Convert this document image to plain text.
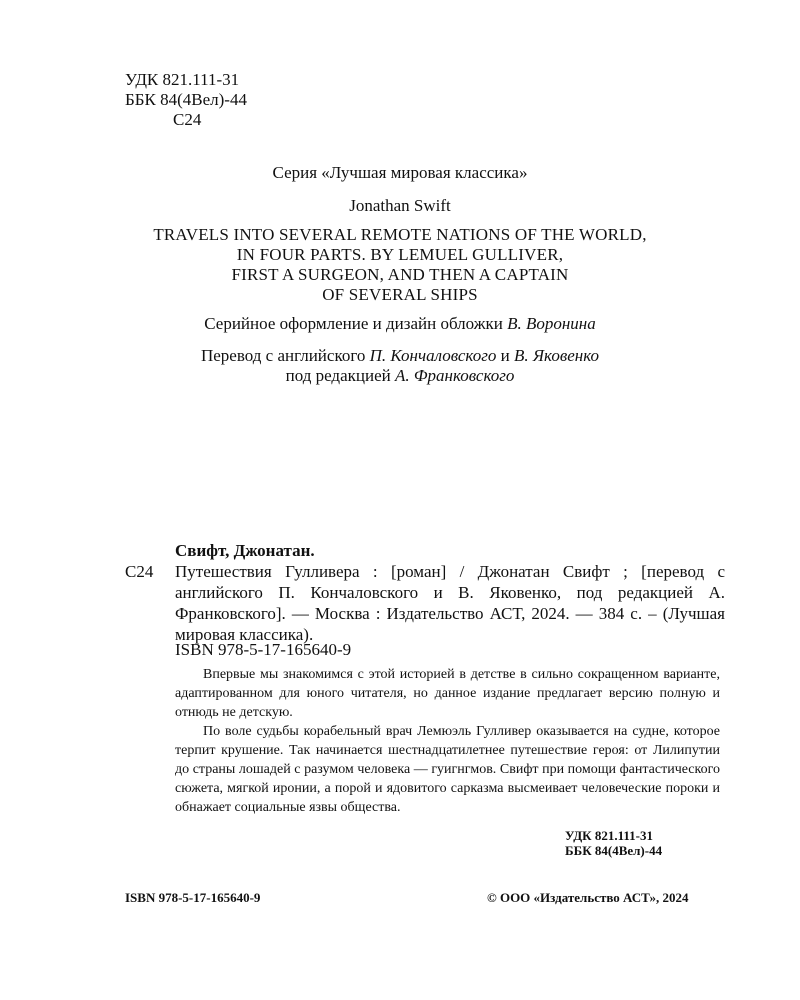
УДК 821.111-31
ББК 84(4Вел)-44
С24
Серия «Лучшая мировая классика»
Jonathan Swift
TRAVELS INTO SEVERAL REMOTE NATIONS OF THE WORLD,
IN FOUR PARTS. BY LEMUEL GULLIVER,
FIRST A SURGEON, AND THEN A CAPTAIN
OF SEVERAL SHIPS
Серийное оформление и дизайн обложки В. Воронина
Перевод с английского П. Кончаловского и В. Яковенко
под редакцией А. Франковского
Свифт, Джонатан.
С24	Путешествия Гулливера : [роман] / Джонатан Свифт ; [перевод с английского П. Кончаловского и В. Яковенко, под редакцией А. Франковского]. — Москва : Издательство АСТ, 2024. — 384 с. – (Лучшая мировая классика).
ISBN 978-5-17-165640-9

Впервые мы знакомимся с этой историей в детстве в сильно сокращенном варианте, адаптированном для юного читателя, но данное издание предлагает версию полную и отнюдь не детскую.

По воле судьбы корабельный врач Лемюэль Гулливер оказывается на судне, которое терпит крушение. Так начинается шестнадцатилетнее путешествие героя: от Лилипутии до страны лошадей с разумом человека — гуигнгмов. Свифт при помощи фантастического сюжета, мягкой иронии, а порой и ядовитого сарказма высмеивает человеческие пороки и обнажает социальные язвы общества.

УДК 821.111-31
ББК 84(4Вел)-44
ISBN 978-5-17-165640-9	© ООО «Издательство АСТ», 2024
